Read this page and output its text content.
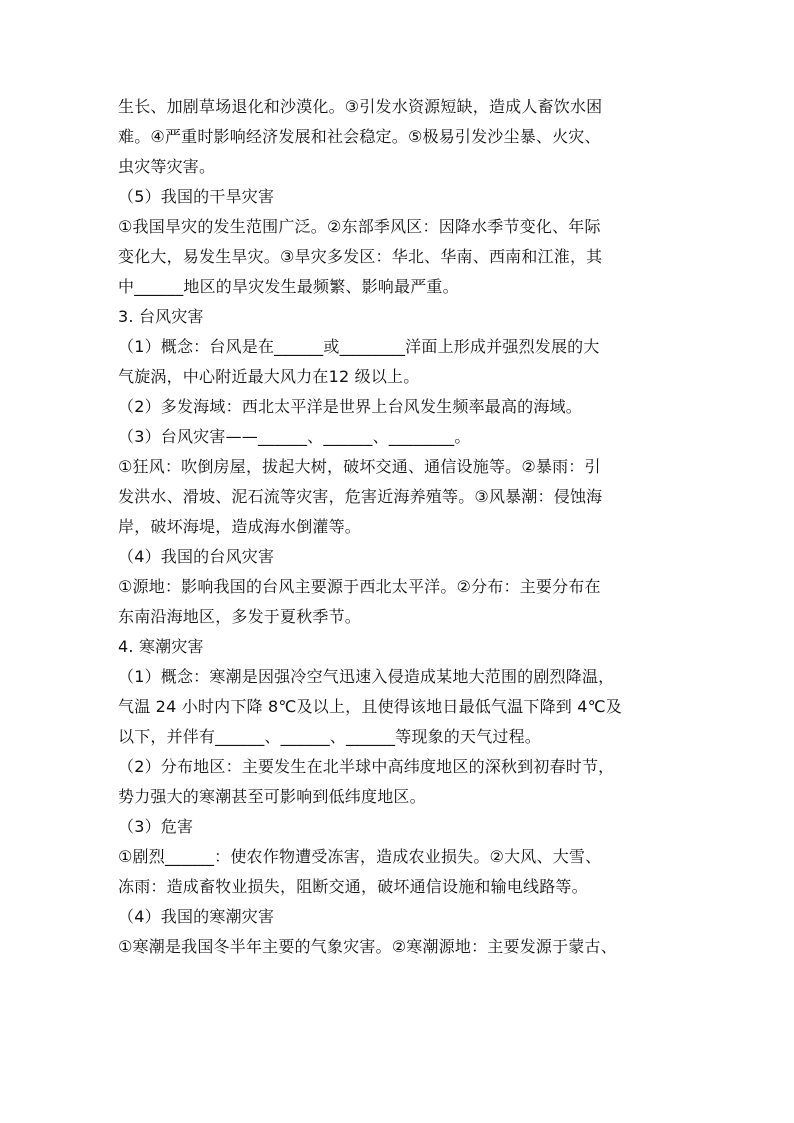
生长、加剧草场退化和沙漠化。③引发水资源短缺，造成人畜饮水困
难。④严重时影响经济发展和社会稳定。⑤极易引发沙尘暴、火灾、
虫灾等灾害。
（5）我国的干旱灾害
①我国旱灾的发生范围广泛。②东部季风区：因降水季节变化、年际
变化大，易发生旱灾。③旱灾多发区：华北、华南、西南和江淮，其
中______地区的旱灾发生最频繁、影响最严重。
3. 台风灾害
（1）概念：台风是在______或________洋面上形成并强烈发展的大
气旋涡，中心附近最大风力在12 级以上。
（2）多发海域：西北太平洋是世界上台风发生频率最高的海域。
（3）台风灾害——______、______、________。
①狂风：吹倒房屋，拔起大树，破坏交通、通信设施等。②暴雨：引
发洪水、滑坡、泥石流等灾害，危害近海养殖等。③风暴潮：侵蚀海
岸，破坏海堤，造成海水倒灌等。
（4）我国的台风灾害
①源地：影响我国的台风主要源于西北太平洋。②分布：主要分布在
东南沿海地区，多发于夏秋季节。
4. 寒潮灾害
（1）概念：寒潮是因强冷空气迅速入侵造成某地大范围的剧烈降温，
气温 24 小时内下降 8℃及以上，且使得该地日最低气温下降到 4℃及
以下，并伴有______、______、______等现象的天气过程。
（2）分布地区：主要发生在北半球中高纬度地区的深秋到初春时节，
势力强大的寒潮甚至可影响到低纬度地区。
（3）危害
①剧烈______：使农作物遭受冻害，造成农业损失。②大风、大雪、
冻雨：造成畜牧业损失，阻断交通，破坏通信设施和输电线路等。
（4）我国的寒潮灾害
①寒潮是我国冬半年主要的气象灾害。②寒潮源地：主要发源于蒙古、
